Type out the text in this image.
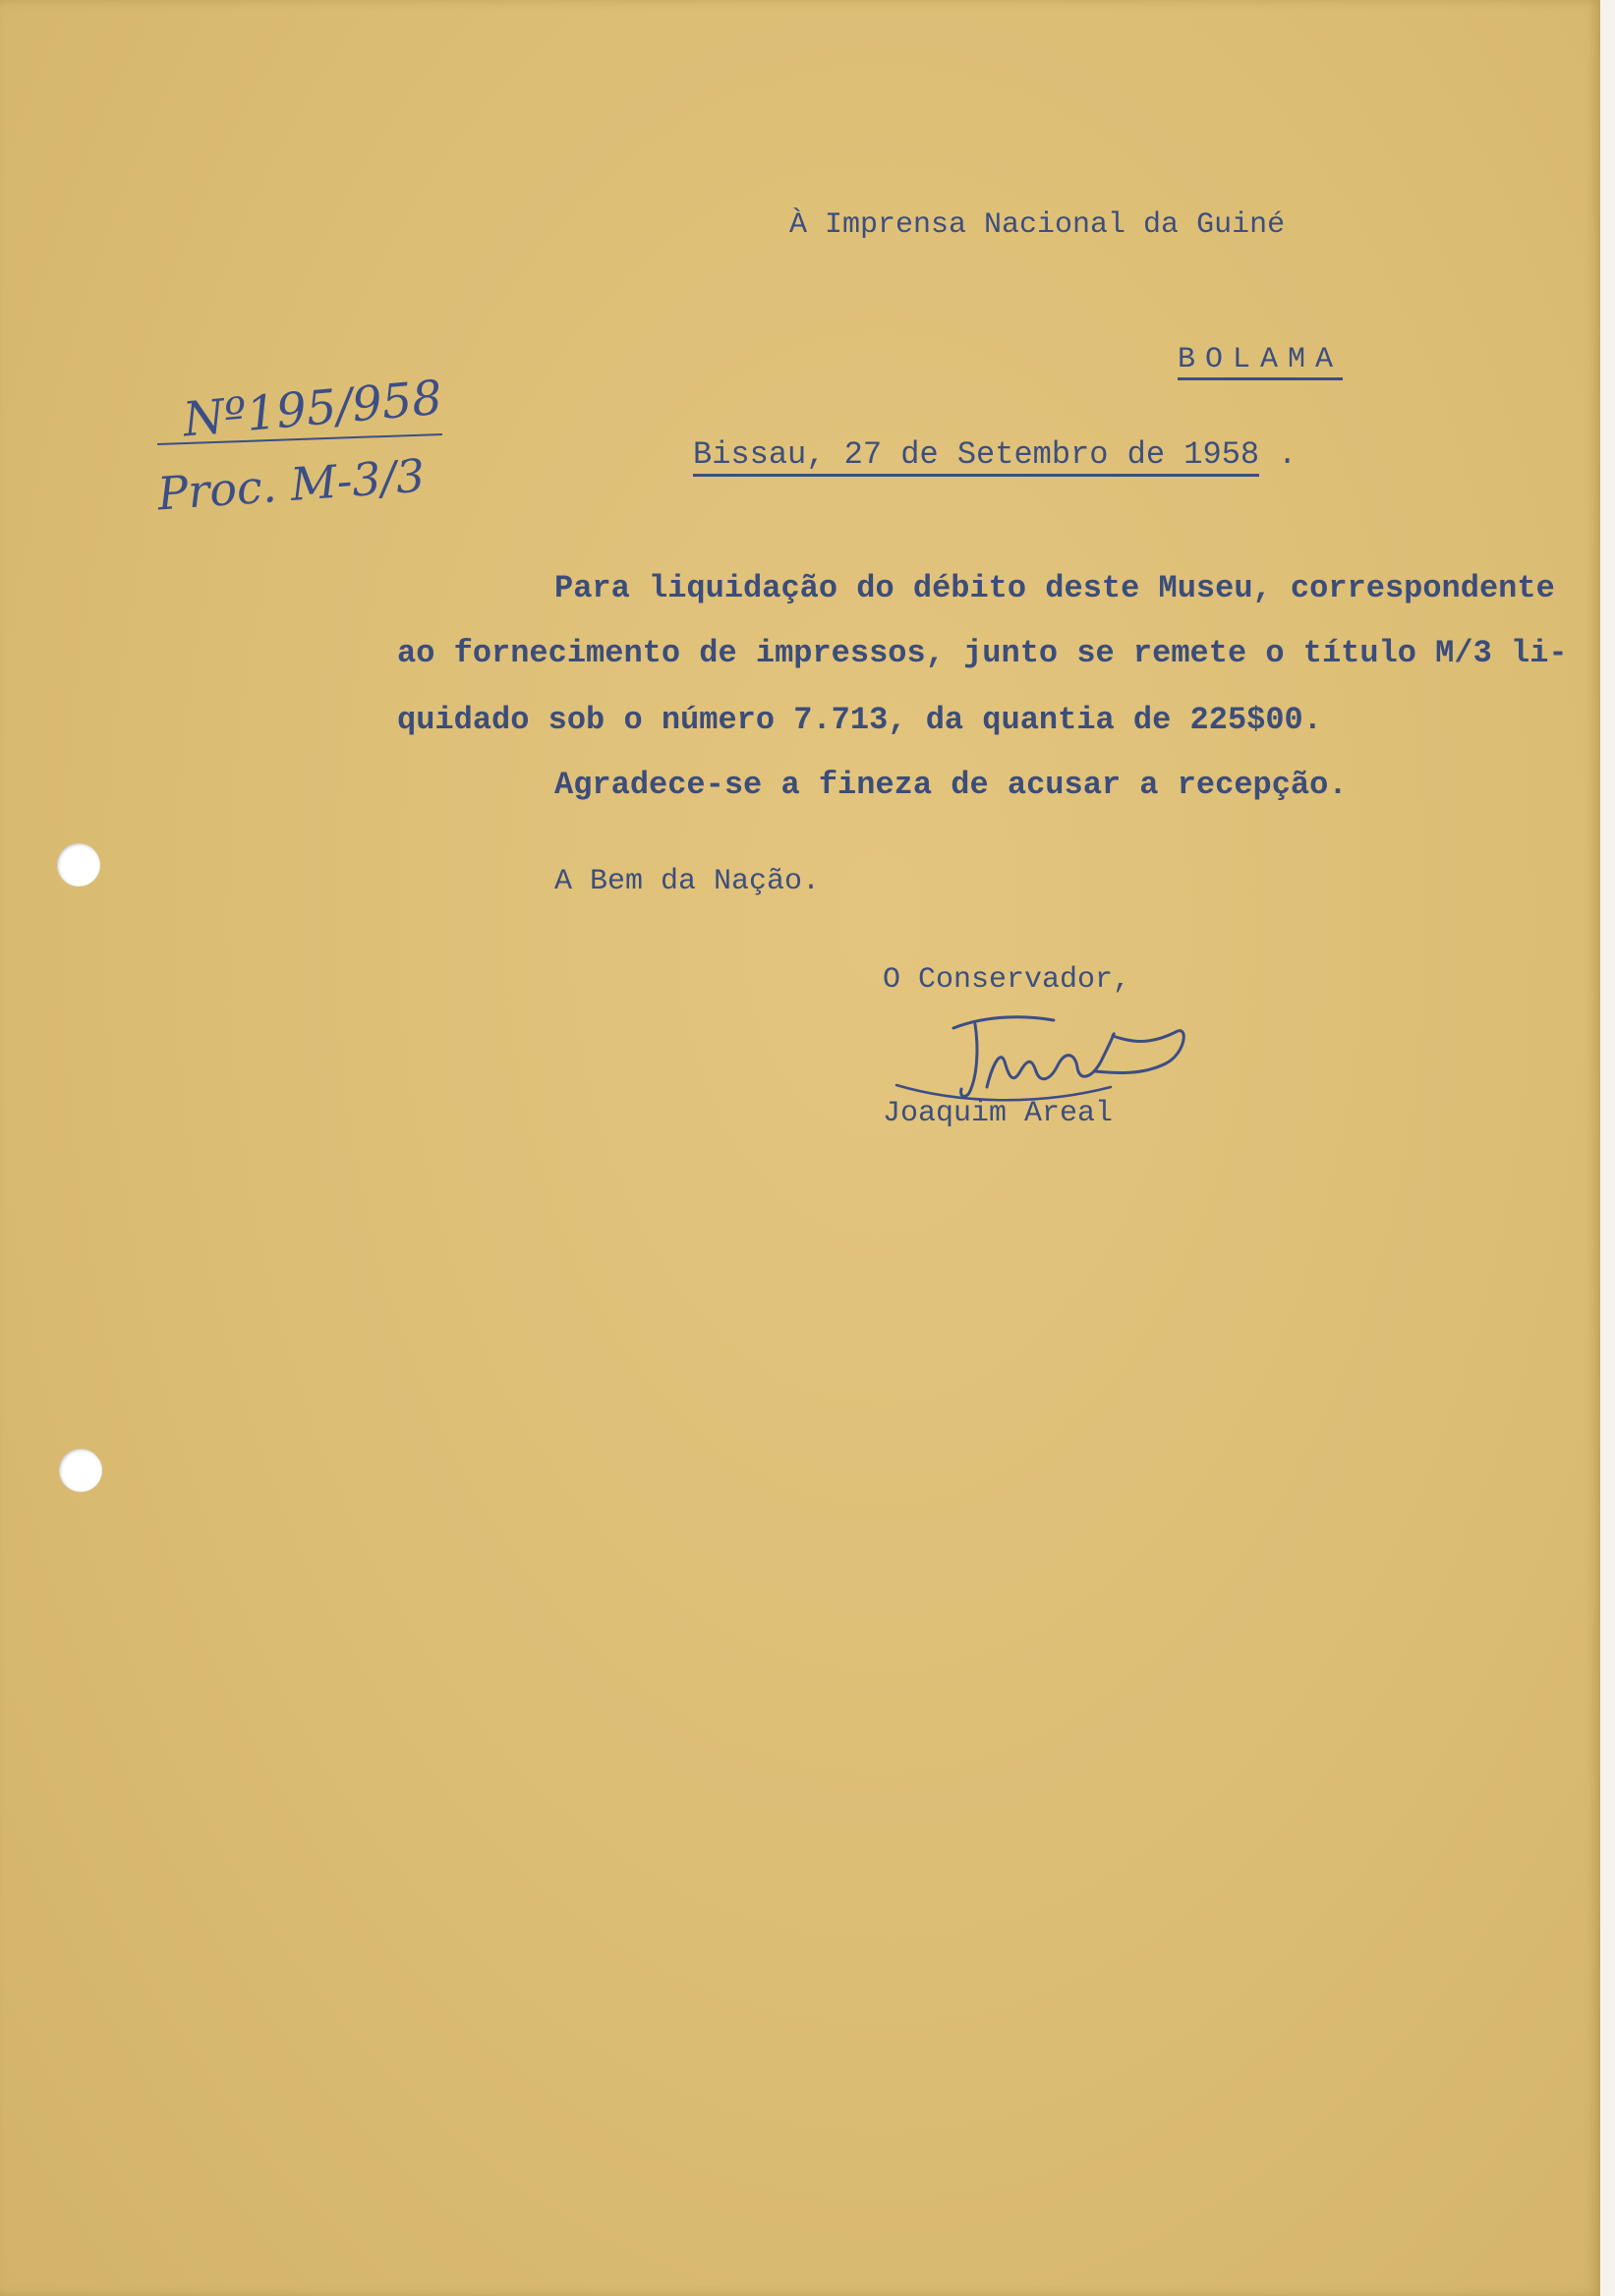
À Imprensa Nacional da Guiné
BOLAMA
Nº195/958
Proc. M-3/3	Bissau, 27 de Setembro de 1958 .
Para liquidação do débito deste Museu, correspondente
ao fornecimento de impressos, junto se remete o título M/3 li-
quidado sob o número 7.713, da quantia de 225$00.
Agradece-se a fineza de acusar a recepção.
A Bem da Nação.
O Conservador,
Joaquim Areal
